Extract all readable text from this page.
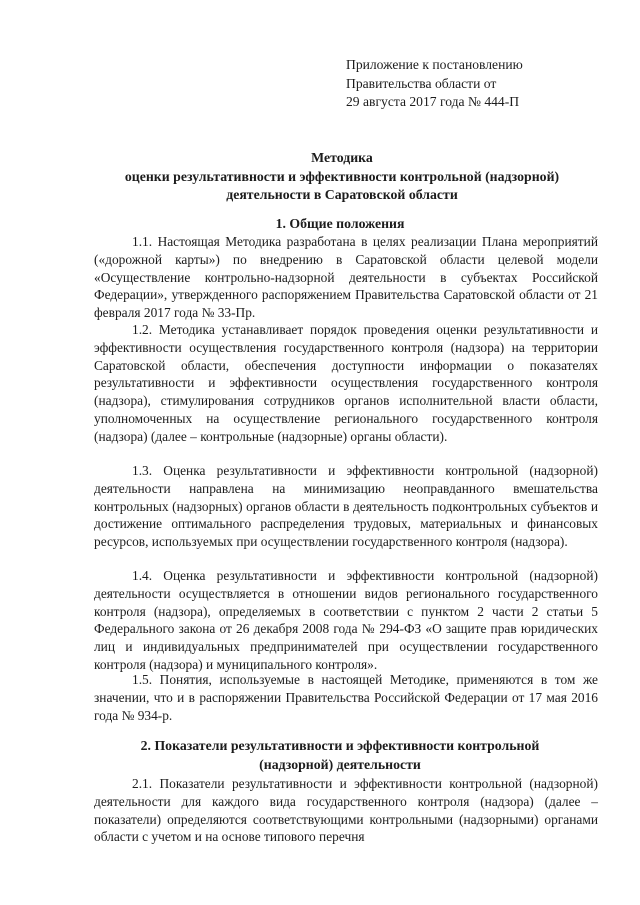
Приложение к постановлению
Правительства области от
29 августа 2017 года № 444-П
Методика
оценки результативности и эффективности контрольной (надзорной)
деятельности в Саратовской области
1. Общие положения

1.1. Настоящая Методика разработана в целях реализации Плана мероприятий («дорожной карты») по внедрению в Саратовской области целевой модели «Осуществление контрольно-надзорной деятельности в субъектах Российской Федерации», утвержденного распоряжением Правительства Саратовской области от 21 февраля 2017 года № 33-Пр.

1.2. Методика устанавливает порядок проведения оценки результативности и эффективности осуществления государственного контроля (надзора) на территории Саратовской области, обеспечения доступности информации о показателях результативности и эффективности осуществления государственного контроля (надзора), стимулирования сотрудников органов исполнительной власти области, уполномоченных на осуществление регионального государственного контроля (надзора) (далее – контрольные (надзорные) органы области).

1.3. Оценка результативности и эффективности контрольной (надзорной) деятельности направлена на минимизацию неоправданного вмешательства контрольных (надзорных) органов области в деятельность подконтрольных субъектов и достижение оптимального распределения трудовых, материальных и финансовых ресурсов, используемых при осуществлении государственного контроля (надзора).

1.4. Оценка результативности и эффективности контрольной (надзорной) деятельности осуществляется в отношении видов регионального государственного контроля (надзора), определяемых в соответствии с пунктом 2 части 2 статьи 5 Федерального закона от 26 декабря 2008 года № 294-ФЗ «О защите прав юридических лиц и индивидуальных предпринимателей при осуществлении государственного контроля (надзора) и муниципального контроля».

1.5. Понятия, используемые в настоящей Методике, применяются в том же значении, что и в распоряжении Правительства Российской Федерации от 17 мая 2016 года № 934-р.

2. Показатели результативности и эффективности контрольной
(надзорной) деятельности

2.1. Показатели результативности и эффективности контрольной (надзорной) деятельности для каждого вида государственного контроля (надзора) (далее – показатели) определяются соответствующими контрольными (надзорными) органами области с учетом и на основе типового перечня
